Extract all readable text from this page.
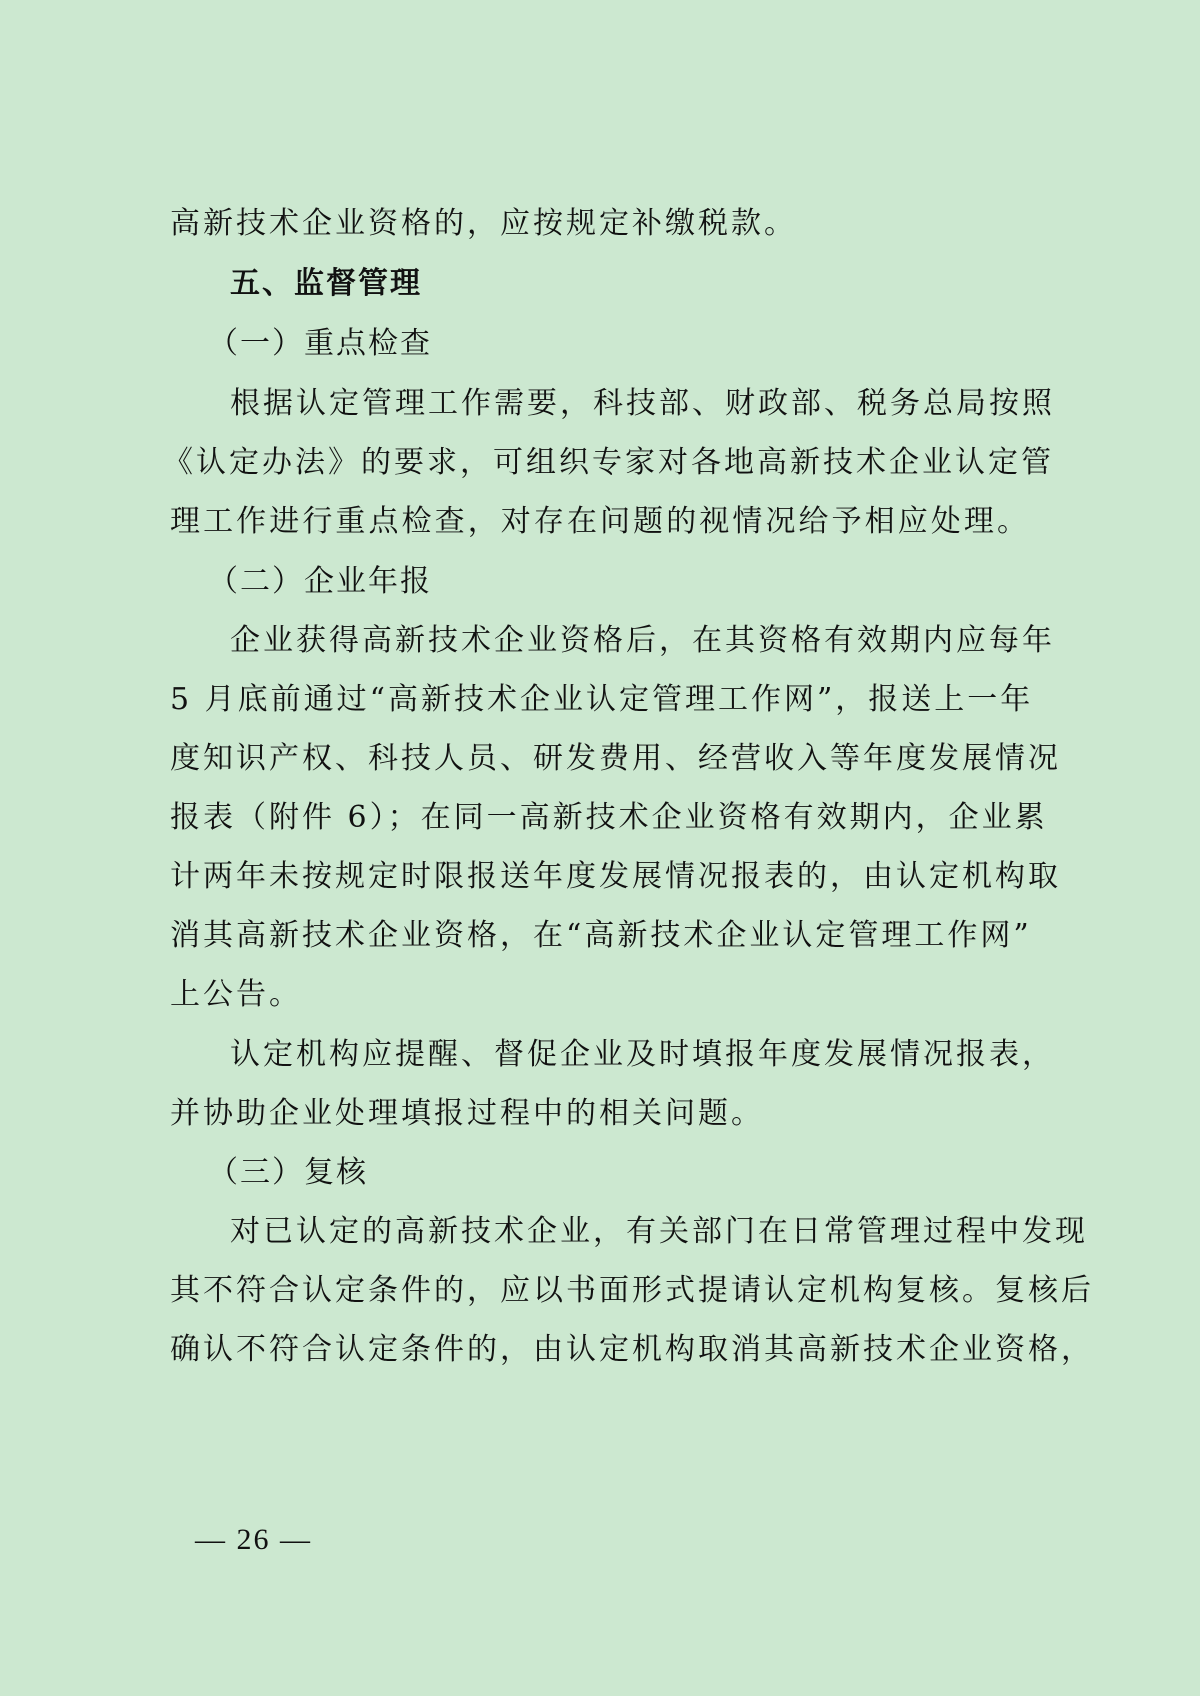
高新技术企业资格的，应按规定补缴税款。
五、监督管理
（一）重点检查
根据认定管理工作需要，科技部、财政部、税务总局按照
《认定办法》的要求，可组织专家对各地高新技术企业认定管
理工作进行重点检查，对存在问题的视情况给予相应处理。
（二）企业年报
企业获得高新技术企业资格后，在其资格有效期内应每年
5 月底前通过“高新技术企业认定管理工作网”，报送上一年
度知识产权、科技人员、研发费用、经营收入等年度发展情况
报表（附件 6）；在同一高新技术企业资格有效期内，企业累
计两年未按规定时限报送年度发展情况报表的，由认定机构取
消其高新技术企业资格，在“高新技术企业认定管理工作网”
上公告。
认定机构应提醒、督促企业及时填报年度发展情况报表，
并协助企业处理填报过程中的相关问题。
（三）复核
对已认定的高新技术企业，有关部门在日常管理过程中发现
其不符合认定条件的，应以书面形式提请认定机构复核。复核后
确认不符合认定条件的，由认定机构取消其高新技术企业资格，
— 26 —
